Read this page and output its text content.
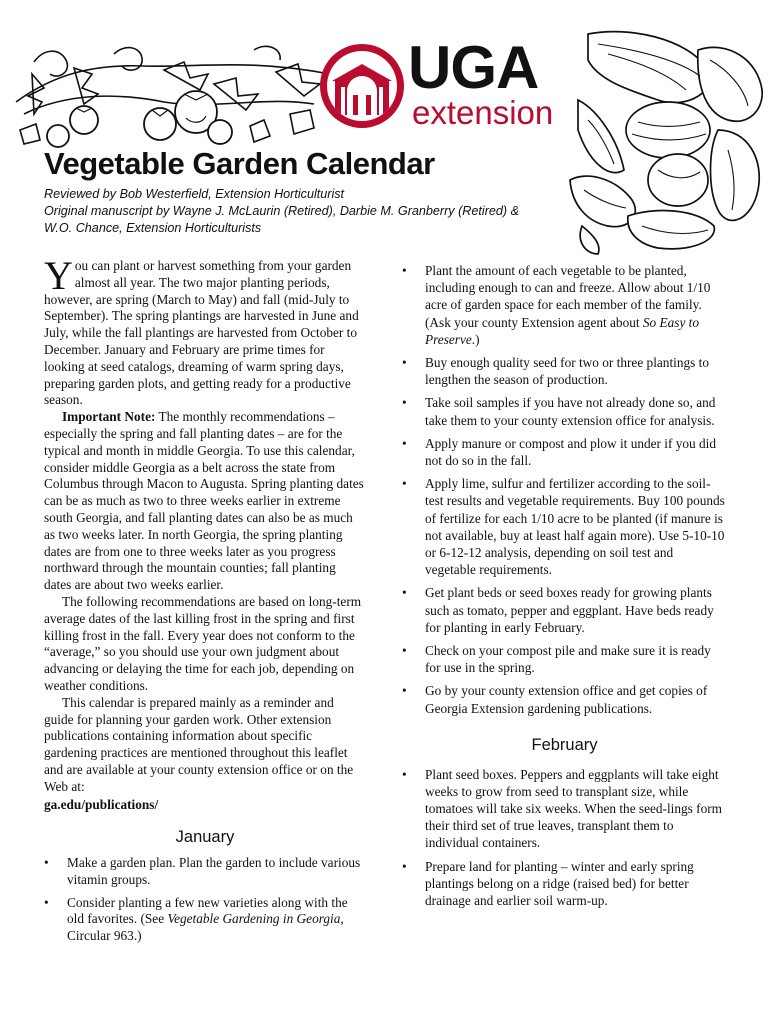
UGA
extension
Vegetable Garden Calendar
Reviewed by Bob Westerfield, Extension Horticulturist
Original manuscript by Wayne J. McLaurin (Retired), Darbie M. Granberry (Retired) &
W.O. Chance, Extension Horticulturists

You can plant or harvest something from your garden almost all year. The two major planting periods, however, are spring (March to May) and fall (mid-July to September). The spring plantings are harvested in June and July, while the fall plantings are harvested from October to December. January and February are prime times for looking at seed catalogs, dreaming of warm spring days, preparing garden plots, and getting ready for a productive season.

Important Note: The monthly recommendations – especially the spring and fall planting dates – are for the typical and month in middle Georgia. To use this calendar, consider middle Georgia as a belt across the state from Columbus through Macon to Augusta. Spring planting dates can be as much as two to three weeks earlier in extreme south Georgia, and fall planting dates can also be as much as two weeks later. In north Georgia, the spring planting dates are from one to three weeks later as you progress northward through the mountain counties; fall planting dates are about two weeks earlier.

The following recommendations are based on long-term average dates of the last killing frost in the spring and first killing frost in the fall. Every year does not conform to the “average,” so you should use your own judgment about advancing or delaying the time for each job, depending on weather conditions.

This calendar is prepared mainly as a reminder and guide for planning your garden work. Other extension publications containing information about specific gardening practices are mentioned throughout this leaflet and are available at your county extension office or on the Web at:

ga.edu/publications/

January
• Make a garden plan. Plan the garden to include various vitamin groups.
• Consider planting a few new varieties along with the old favorites. (See Vegetable Gardening in Georgia, Circular 963.)
• Plant the amount of each vegetable to be planted, including enough to can and freeze. Allow about 1/10 acre of garden space for each member of the family. (Ask your county Extension agent about So Easy to Preserve.)
• Buy enough quality seed for two or three plantings to lengthen the season of production.
• Take soil samples if you have not already done so, and take them to your county extension office for analysis.
• Apply manure or compost and plow it under if you did not do so in the fall.
• Apply lime, sulfur and fertilizer according to the soil-test results and vegetable requirements. Buy 100 pounds of fertilize for each 1/10 acre to be planted (if manure is not available, buy at least half again more). Use 5-10-10 or 6-12-12 analysis, depending on soil test and vegetable requirements.
• Get plant beds or seed boxes ready for growing plants such as tomato, pepper and eggplant. Have beds ready for planting in early February.
• Check on your compost pile and make sure it is ready for use in the spring.
• Go by your county extension office and get copies of Georgia Extension gardening publications.
February
• Plant seed boxes. Peppers and eggplants will take eight weeks to grow from seed to transplant size, while tomatoes will take six weeks. When the seed-lings form their third set of true leaves, transplant them to individual containers.
• Prepare land for planting – winter and early spring plantings belong on a ridge (raised bed) for better drainage and earlier soil warm-up.
